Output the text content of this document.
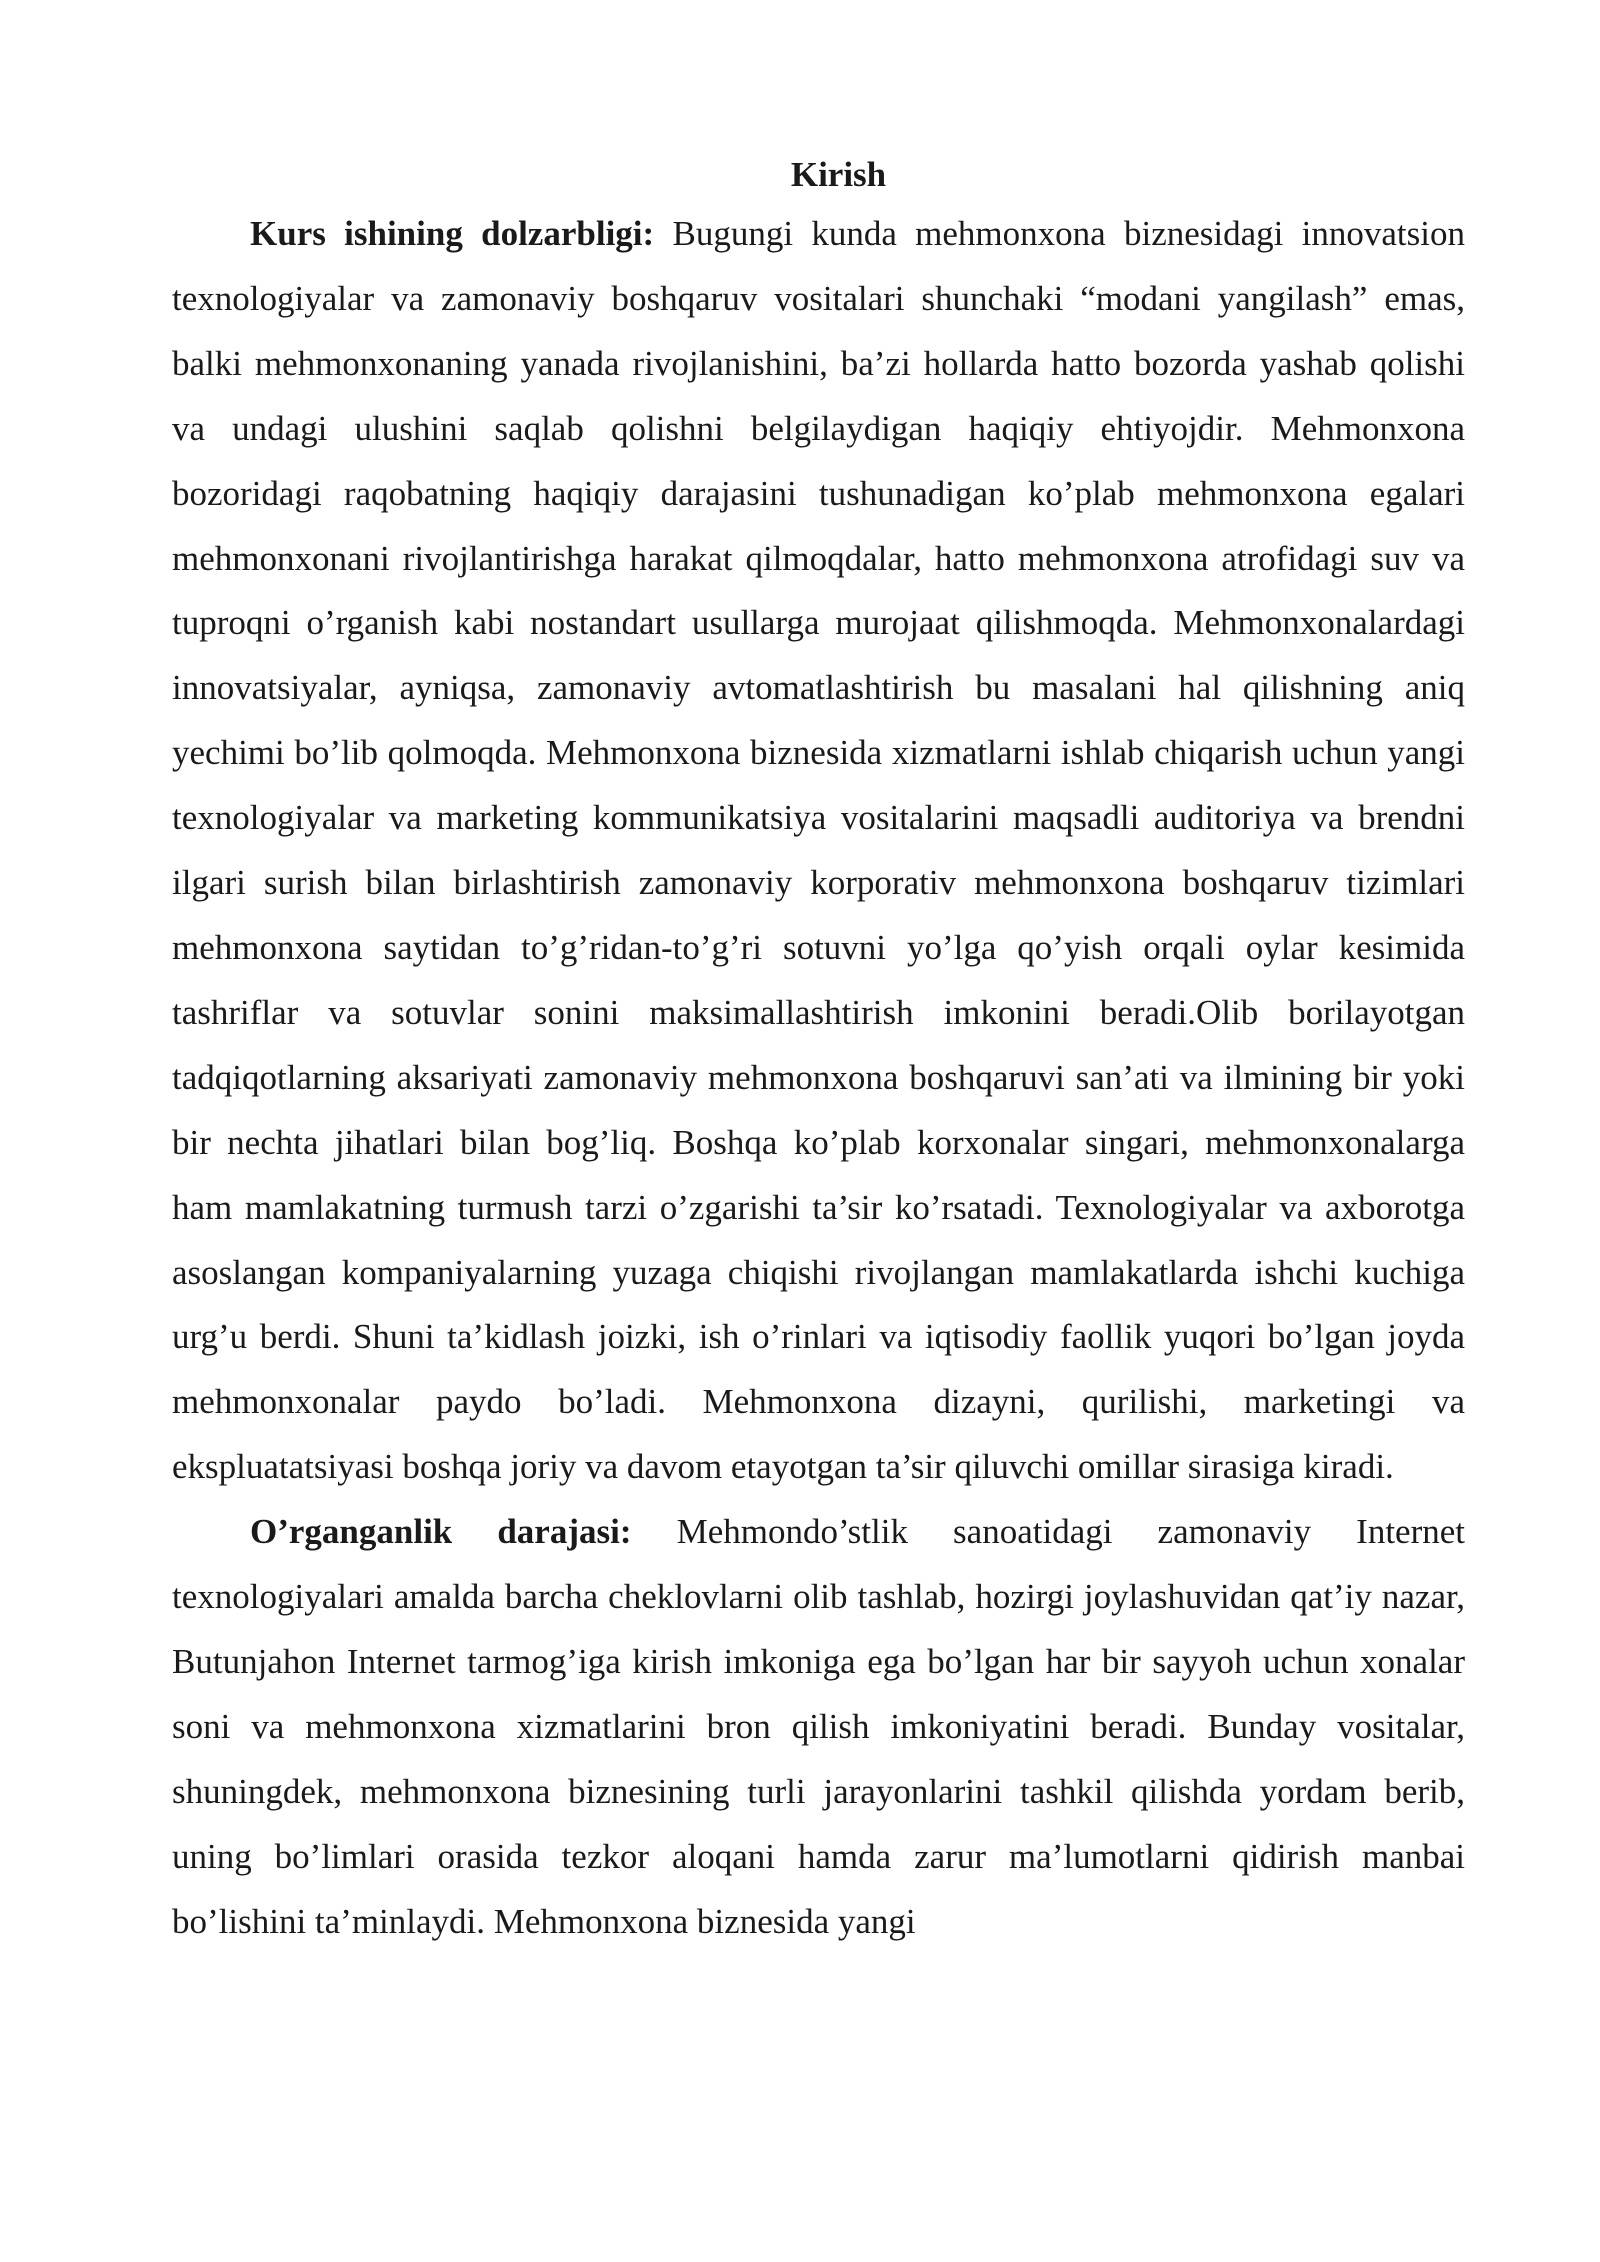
Kirish

Kurs ishining dolzarbligi: Bugungi kunda mehmonxona biznesidagi innovatsion texnologiyalar va zamonaviy boshqaruv vositalari shunchaki “modani yangilash” emas, balki mehmonxonaning yanada rivojlanishini, ba’zi hollarda hatto bozorda yashab qolishi va undagi ulushini saqlab qolishni belgilaydigan haqiqiy ehtiyojdir. Mehmonxona bozoridagi raqobatning haqiqiy darajasini tushunadigan ko’plab mehmonxona egalari mehmonxonani rivojlantirishga harakat qilmoqdalar, hatto mehmonxona atrofidagi suv va tuproqni o’rganish kabi nostandart usullarga murojaat qilishmoqda. Mehmonxonalardagi innovatsiyalar, ayniqsa, zamonaviy avtomatlashtirish bu masalani hal qilishning aniq yechimi bo’lib qolmoqda. Mehmonxona biznesida xizmatlarni ishlab chiqarish uchun yangi texnologiyalar va marketing kommunikatsiya vositalarini maqsadli auditoriya va brendni ilgari surish bilan birlashtirish zamonaviy korporativ mehmonxona boshqaruv tizimlari mehmonxona saytidan to’g’ridan-to’g’ri sotuvni yo’lga qo’yish orqali oylar kesimida tashriflar va sotuvlar sonini maksimallashtirish imkonini beradi.Olib borilayotgan tadqiqotlarning aksariyati zamonaviy mehmonxona boshqaruvi san’ati va ilmining bir yoki bir nechta jihatlari bilan bog’liq. Boshqa ko’plab korxonalar singari, mehmonxonalarga ham mamlakatning turmush tarzi o’zgarishi ta’sir ko’rsatadi. Texnologiyalar va axborotga asoslangan kompaniyalarning yuzaga chiqishi rivojlangan mamlakatlarda ishchi kuchiga urg’u berdi. Shuni ta’kidlash joizki, ish o’rinlari va iqtisodiy faollik yuqori bo’lgan joyda mehmonxonalar paydo bo’ladi. Mehmonxona dizayni, qurilishi, marketingi va ekspluatatsiyasi boshqa joriy va davom etayotgan ta’sir qiluvchi omillar sirasiga kiradi.

O’rganganlik darajasi: Mehmondo’stlik sanoatidagi zamonaviy Internet texnologiyalari amalda barcha cheklovlarni olib tashlab, hozirgi joylashuvidan qat’iy nazar, Butunjahon Internet tarmog’iga kirish imkoniga ega bo’lgan har bir sayyoh uchun xonalar soni va mehmonxona xizmatlarini bron qilish imkoniyatini beradi. Bunday vositalar, shuningdek, mehmonxona biznesining turli jarayonlarini tashkil qilishda yordam berib, uning bo’limlari orasida tezkor aloqani hamda zarur ma’lumotlarni qidirish manbai bo’lishini ta’minlaydi. Mehmonxona biznesida yangi
